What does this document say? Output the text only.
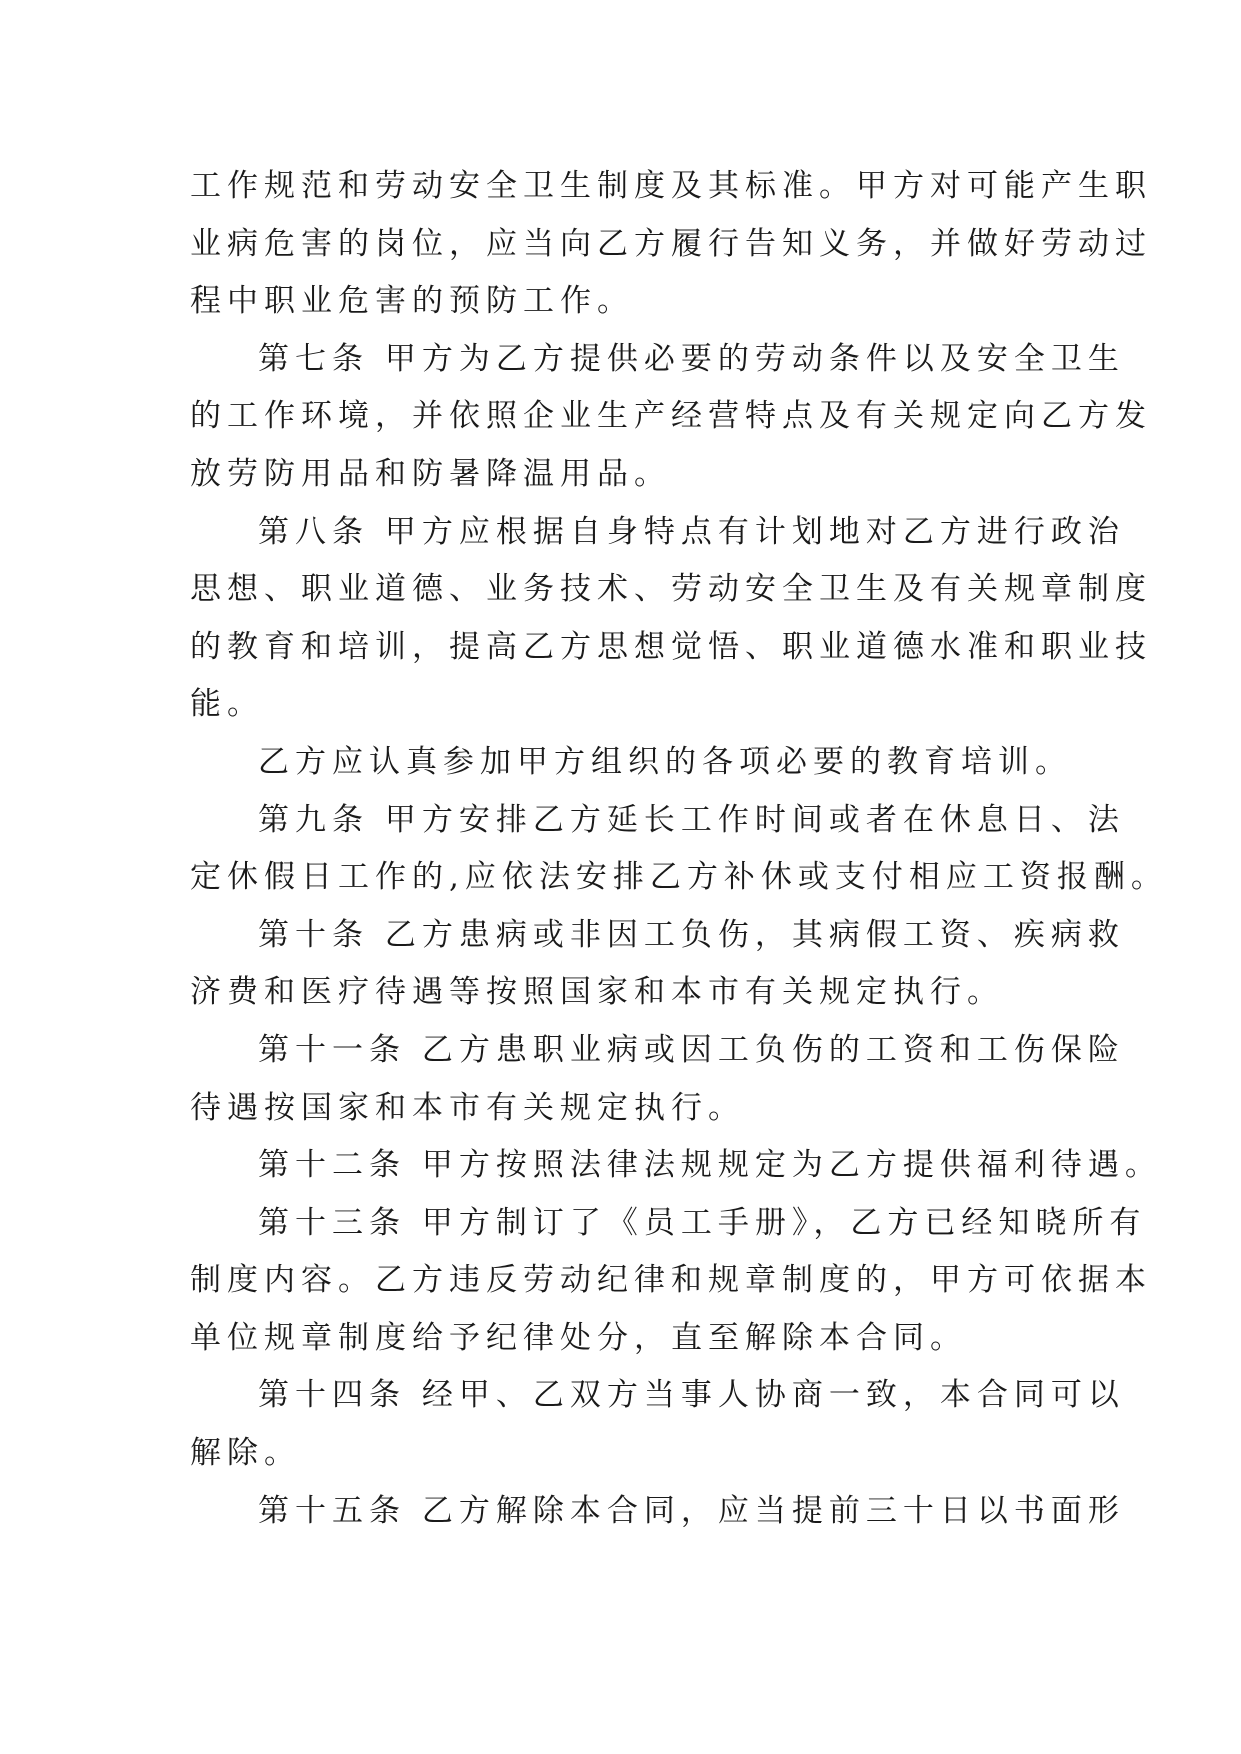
工作规范和劳动安全卫生制度及其标准。甲方对可能产生职
业病危害的岗位，应当向乙方履行告知义务，并做好劳动过
程中职业危害的预防工作。
第七条 甲方为乙方提供必要的劳动条件以及安全卫生
的工作环境，并依照企业生产经营特点及有关规定向乙方发
放劳防用品和防暑降温用品。
第八条 甲方应根据自身特点有计划地对乙方进行政治
思想、职业道德、业务技术、劳动安全卫生及有关规章制度
的教育和培训，提高乙方思想觉悟、职业道德水准和职业技
能。
乙方应认真参加甲方组织的各项必要的教育培训。
第九条 甲方安排乙方延长工作时间或者在休息日、法
定休假日工作的,应依法安排乙方补休或支付相应工资报酬。
第十条 乙方患病或非因工负伤，其病假工资、疾病救
济费和医疗待遇等按照国家和本市有关规定执行。
第十一条 乙方患职业病或因工负伤的工资和工伤保险
待遇按国家和本市有关规定执行。
第十二条 甲方按照法律法规规定为乙方提供福利待遇。
第十三条 甲方制订了《员工手册》，乙方已经知晓所有
制度内容。乙方违反劳动纪律和规章制度的，甲方可依据本
单位规章制度给予纪律处分，直至解除本合同。
第十四条 经甲、乙双方当事人协商一致，本合同可以
解除。
第十五条 乙方解除本合同，应当提前三十日以书面形
